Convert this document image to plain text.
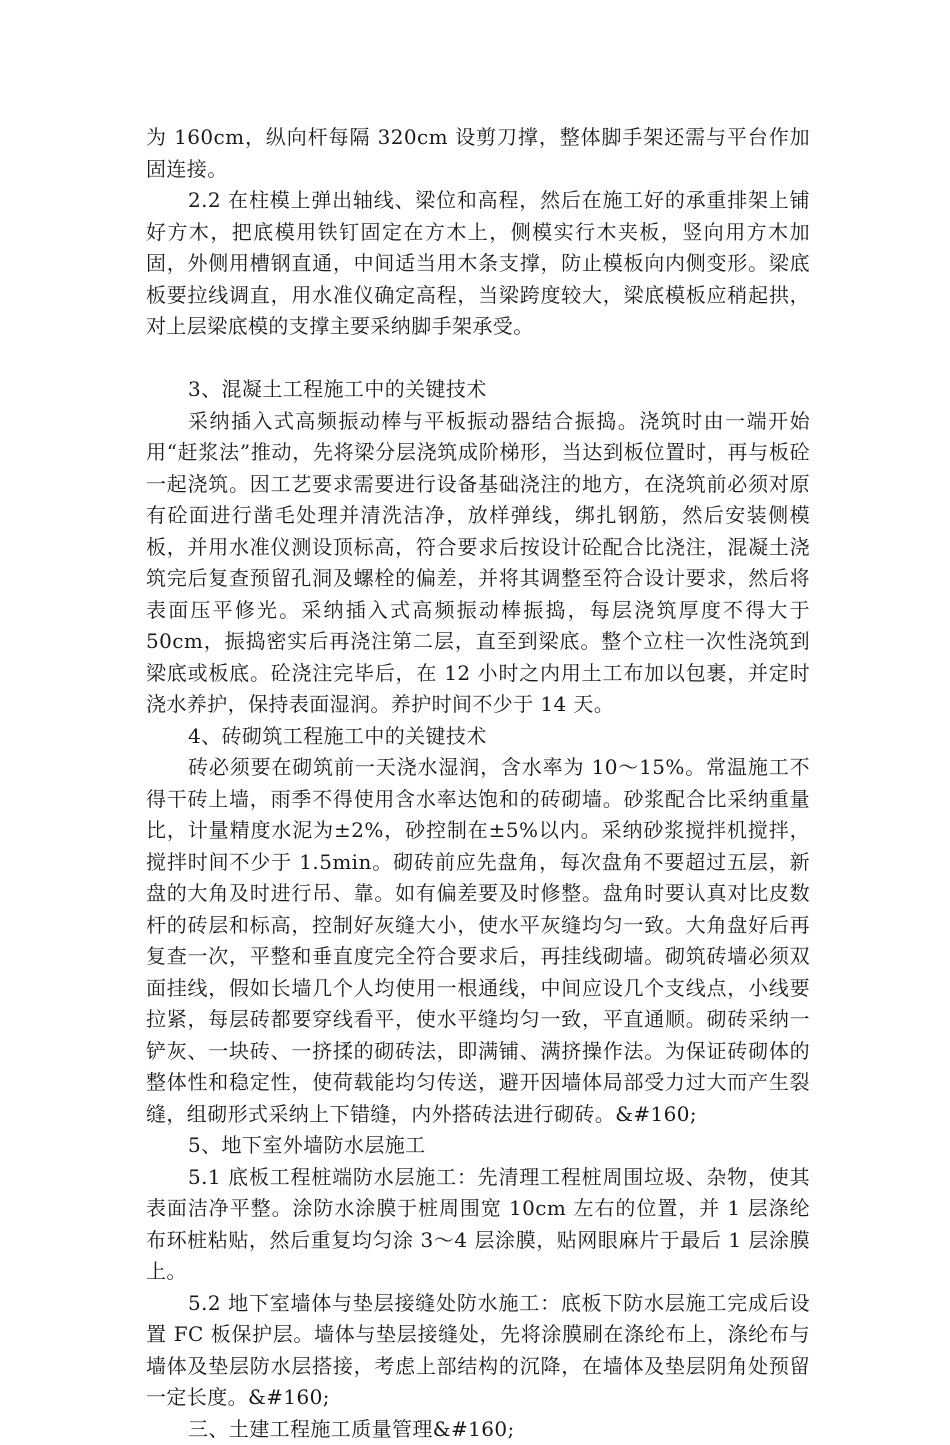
为 160cm，纵向杆每隔 320cm 设剪刀撑，整体脚手架还需与平台作加固连接。

2.2 在柱模上弹出轴线、梁位和高程，然后在施工好的承重排架上铺好方木，把底模用铁钉固定在方木上，侧模实行木夹板，竖向用方木加固，外侧用槽钢直通，中间适当用木条支撑，防止模板向内侧变形。梁底板要拉线调直，用水准仪确定高程，当梁跨度较大，梁底模板应稍起拱，对上层梁底模的支撑主要采纳脚手架承受。

3、混凝土工程施工中的关键技术

采纳插入式高频振动棒与平板振动器结合振捣。浇筑时由一端开始用“赶浆法”推动，先将梁分层浇筑成阶梯形，当达到板位置时，再与板砼一起浇筑。因工艺要求需要进行设备基础浇注的地方，在浇筑前必须对原有砼面进行凿毛处理并清洗洁净，放样弹线，绑扎钢筋，然后安装侧模板，并用水准仪测设顶标高，符合要求后按设计砼配合比浇注，混凝土浇筑完后复查预留孔洞及螺栓的偏差，并将其调整至符合设计要求，然后将表面压平修光。采纳插入式高频振动棒振捣，每层浇筑厚度不得大于 50cm，振捣密实后再浇注第二层，直至到梁底。整个立柱一次性浇筑到梁底或板底。砼浇注完毕后，在 12 小时之内用土工布加以包裹，并定时浇水养护，保持表面湿润。养护时间不少于 14 天。

4、砖砌筑工程施工中的关键技术

砖必须要在砌筑前一天浇水湿润，含水率为 10～15%。常温施工不得干砖上墙，雨季不得使用含水率达饱和的砖砌墙。砂浆配合比采纳重量比，计量精度水泥为±2%，砂控制在±5%以内。采纳砂浆搅拌机搅拌，搅拌时间不少于 1.5min。砌砖前应先盘角，每次盘角不要超过五层，新盘的大角及时进行吊、靠。如有偏差要及时修整。盘角时要认真对比皮数杆的砖层和标高，控制好灰缝大小，使水平灰缝均匀一致。大角盘好后再复查一次，平整和垂直度完全符合要求后，再挂线砌墙。砌筑砖墙必须双面挂线，假如长墙几个人均使用一根通线，中间应设几个支线点，小线要拉紧，每层砖都要穿线看平，使水平缝均匀一致，平直通顺。砌砖采纳一铲灰、一块砖、一挤揉的砌砖法，即满铺、满挤操作法。为保证砖砌体的整体性和稳定性，使荷载能均匀传送，避开因墙体局部受力过大而产生裂缝，组砌形式采纳上下错缝，内外搭砖法进行砌砖。&#160;

5、地下室外墙防水层施工

5.1 底板工程桩端防水层施工：先清理工程桩周围垃圾、杂物，使其表面洁净平整。涂防水涂膜于桩周围宽 10cm 左右的位置，并 1 层涤纶布环桩粘贴，然后重复均匀涂 3～4 层涂膜，贴网眼麻片于最后 1 层涂膜上。

5.2 地下室墙体与垫层接缝处防水施工：底板下防水层施工完成后设置 FC 板保护层。墙体与垫层接缝处，先将涂膜刷在涤纶布上，涤纶布与墙体及垫层防水层搭接，考虑上部结构的沉降，在墙体及垫层阴角处预留一定长度。&#160;

三、土建工程施工质量管理&#160;
